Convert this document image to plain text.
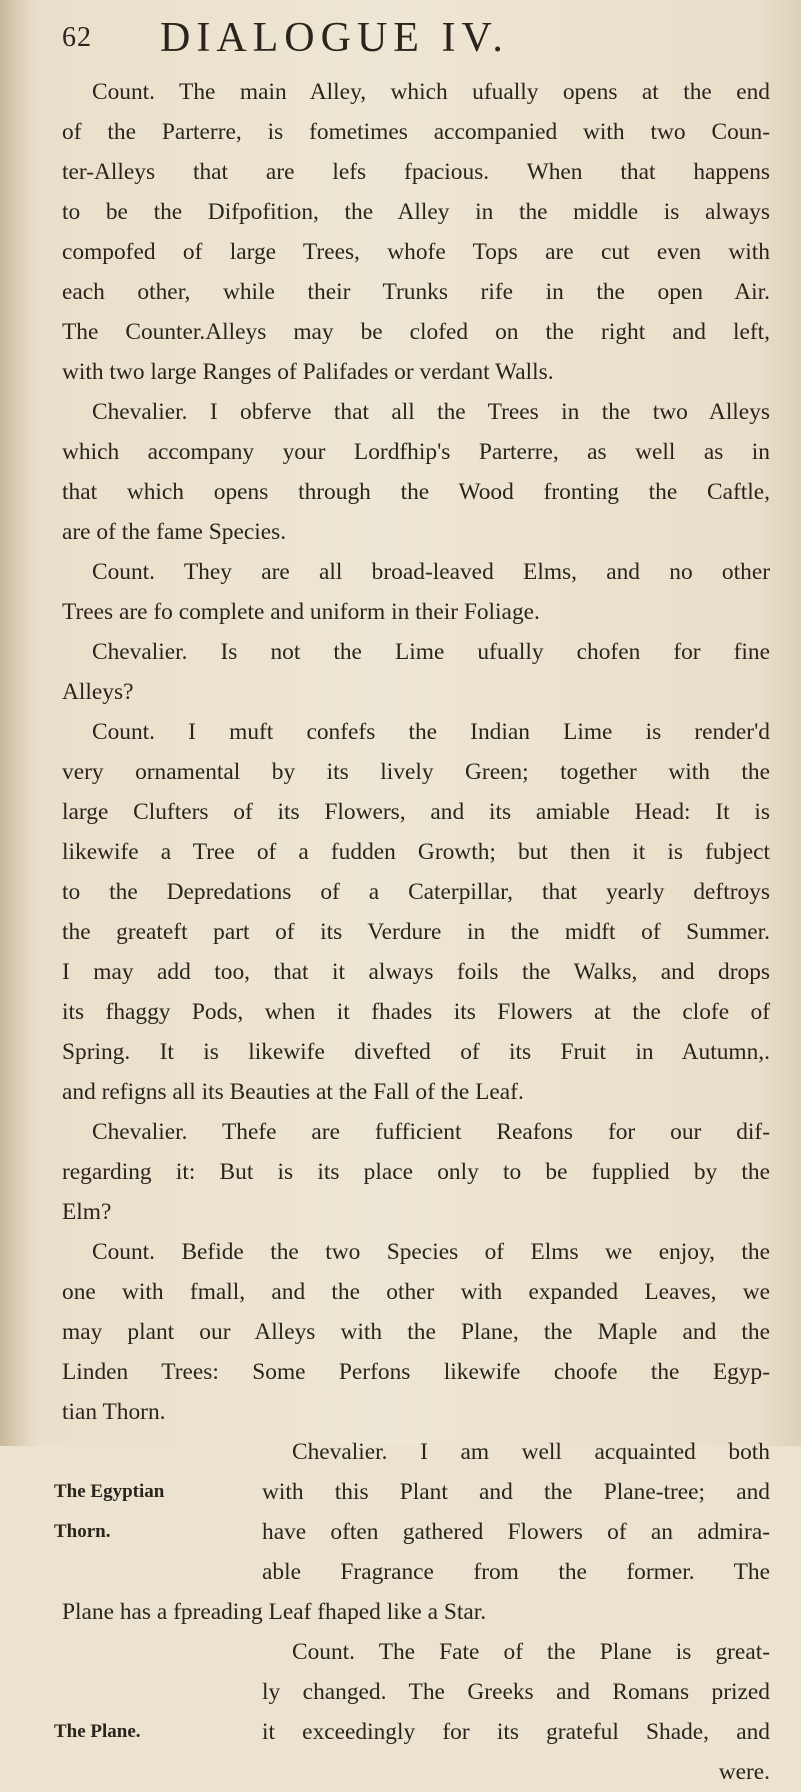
62 DIALOGUE IV.
Count. The main Alley, which ufually opens at the end
of the Parterre, is fometimes accompanied with two Coun-
ter-Alleys that are lefs fpacious. When that happens
to be the Difpofition, the Alley in the middle is always
compofed of large Trees, whofe Tops are cut even with
each other, while their Trunks rife in the open Air.
The Counter.Alleys may be clofed on the right and left,
with two large Ranges of Palifades or verdant Walls.
Chevalier. I obferve that all the Trees in the two Alleys
which accompany your Lordfhip's Parterre, as well as in
that which opens through the Wood fronting the Caftle,
are of the fame Species.
Count. They are all broad-leaved Elms, and no other
Trees are fo complete and uniform in their Foliage.
Chevalier. Is not the Lime ufually chofen for fine
Alleys?
Count. I muft confefs the Indian Lime is render'd
very ornamental by its lively Green; together with the
large Clufters of its Flowers, and its amiable Head: It is
likewife a Tree of a fudden Growth; but then it is fubject
to the Depredations of a Caterpillar, that yearly deftroys
the greateft part of its Verdure in the midft of Summer.
I may add too, that it always foils the Walks, and drops
its fhaggy Pods, when it fhades its Flowers at the clofe of
Spring. It is likewife divefted of its Fruit in Autumn,.
and refigns all its Beauties at the Fall of the Leaf.
Chevalier. Thefe are fufficient Reafons for our dif-
regarding it: But is its place only to be fupplied by the
Elm?
Count. Befide the two Species of Elms we enjoy, the
one with fmall, and the other with expanded Leaves, we
may plant our Alleys with the Plane, the Maple and the
Linden Trees: Some Perfons likewife choofe the Egyp-
tian Thorn.
Chevalier. I am well acquainted both
with this Plant and the Plane-tree; and
have often gathered Flowers of an admira-
able Fragrance from the former. The
Plane has a fpreading Leaf fhaped like a Star.
Count. The Fate of the Plane is great-
ly changed. The Greeks and Romans prized
it exceedingly for its grateful Shade, and
The Egyptian
Thorn.
The Plane.
were.
